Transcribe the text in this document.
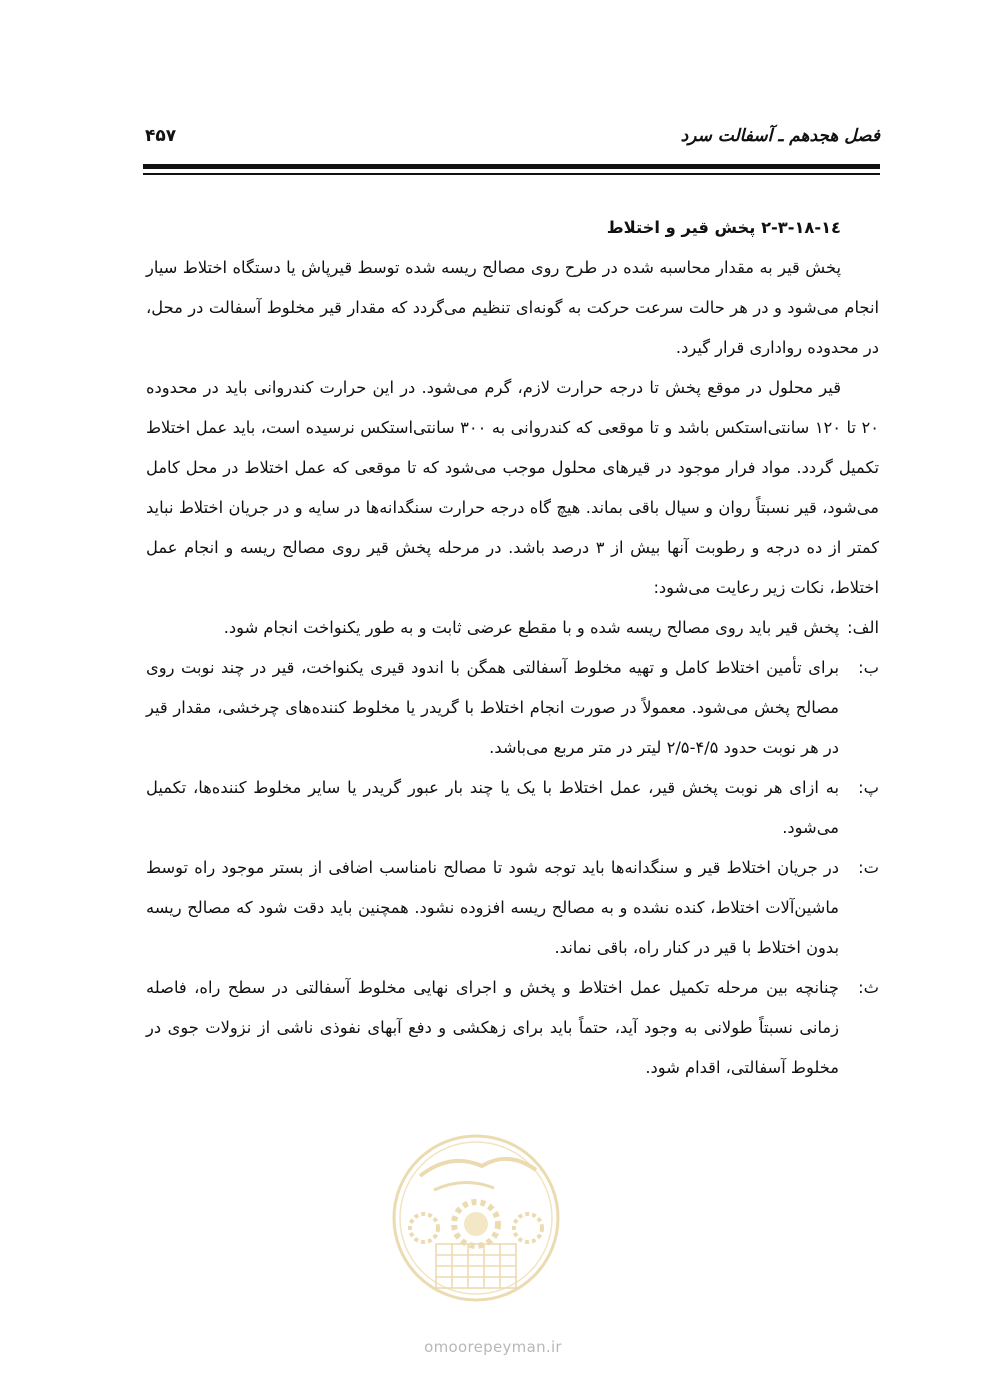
فصل هجدهم ـ آسفالت سرد
۴۵۷
۱۸-۱٤-۲-۳ پخش قیر و اختلاط

پخش قیر به مقدار محاسبه شده در طرح روی مصالح ریسه شده توسط قیرپاش یا دستگاه اختلاط سیار انجام می‌شود و در هر حالت سرعت حرکت به گونه‌ای تنظیم می‌گردد که مقدار قیر مخلوط آسفالت در محل، در محدوده رواداری قرار گیرد.

قیر محلول در موقع پخش تا درجه حرارت لازم، گرم می‌شود. در این حرارت کندروانی باید در محدوده ۲۰ تا ۱۲۰ سانتی‌استکس باشد و تا موقعی که کندروانی به ۳۰۰ سانتی‌استکس نرسیده است، باید عمل اختلاط تکمیل گردد. مواد فرار موجود در قیرهای محلول موجب می‌شود که تا موقعی که عمل اختلاط در محل کامل می‌شود، قیر نسبتاً روان و سیال باقی بماند. هیچ گاه درجه حرارت سنگدانه‌ها در سایه و در جریان اختلاط نباید کمتر از ده درجه و رطوبت آنها بیش از ۳ درصد باشد. در مرحله پخش قیر روی مصالح ریسه و انجام عمل اختلاط، نکات زیر رعایت می‌شود:

الف:پخش قیر باید روی مصالح ریسه شده و با مقطع عرضی ثابت و به طور یکنواخت انجام شود.
ب:
برای تأمین اختلاط کامل و تهیه مخلوط آسفالتی همگن با اندود قیری یکنواخت، قیر در چند نوبت روی مصالح پخش می‌شود. معمولاً در صورت انجام اختلاط با گریدر یا مخلوط کننده‌های چرخشی، مقدار قیر در هر نوبت حدود ۴/۵-۲/۵ لیتر در متر مربع می‌باشد.
پ:
به ازای هر نوبت پخش قیر، عمل اختلاط با یک یا چند بار عبور گریدر یا سایر مخلوط کننده‌ها، تکمیل می‌شود.
ت:
در جریان اختلاط قیر و سنگدانه‌ها باید توجه شود تا مصالح نامناسب اضافی از بستر موجود راه توسط ماشین‌آلات اختلاط، کنده نشده و به مصالح ریسه افزوده نشود. همچنین باید دقت شود که مصالح ریسه بدون اختلاط با قیر در کنار راه، باقی نماند.
ث:
چنانچه بین مرحله تکمیل عمل اختلاط و پخش و اجرای نهایی مخلوط آسفالتی در سطح راه، فاصله زمانی نسبتاً طولانی به وجود آید، حتماً باید برای زهکشی و دفع آبهای نفوذی ناشی از نزولات جوی در مخلوط آسفالتی، اقدام شود.
omoorepeyman.ir
